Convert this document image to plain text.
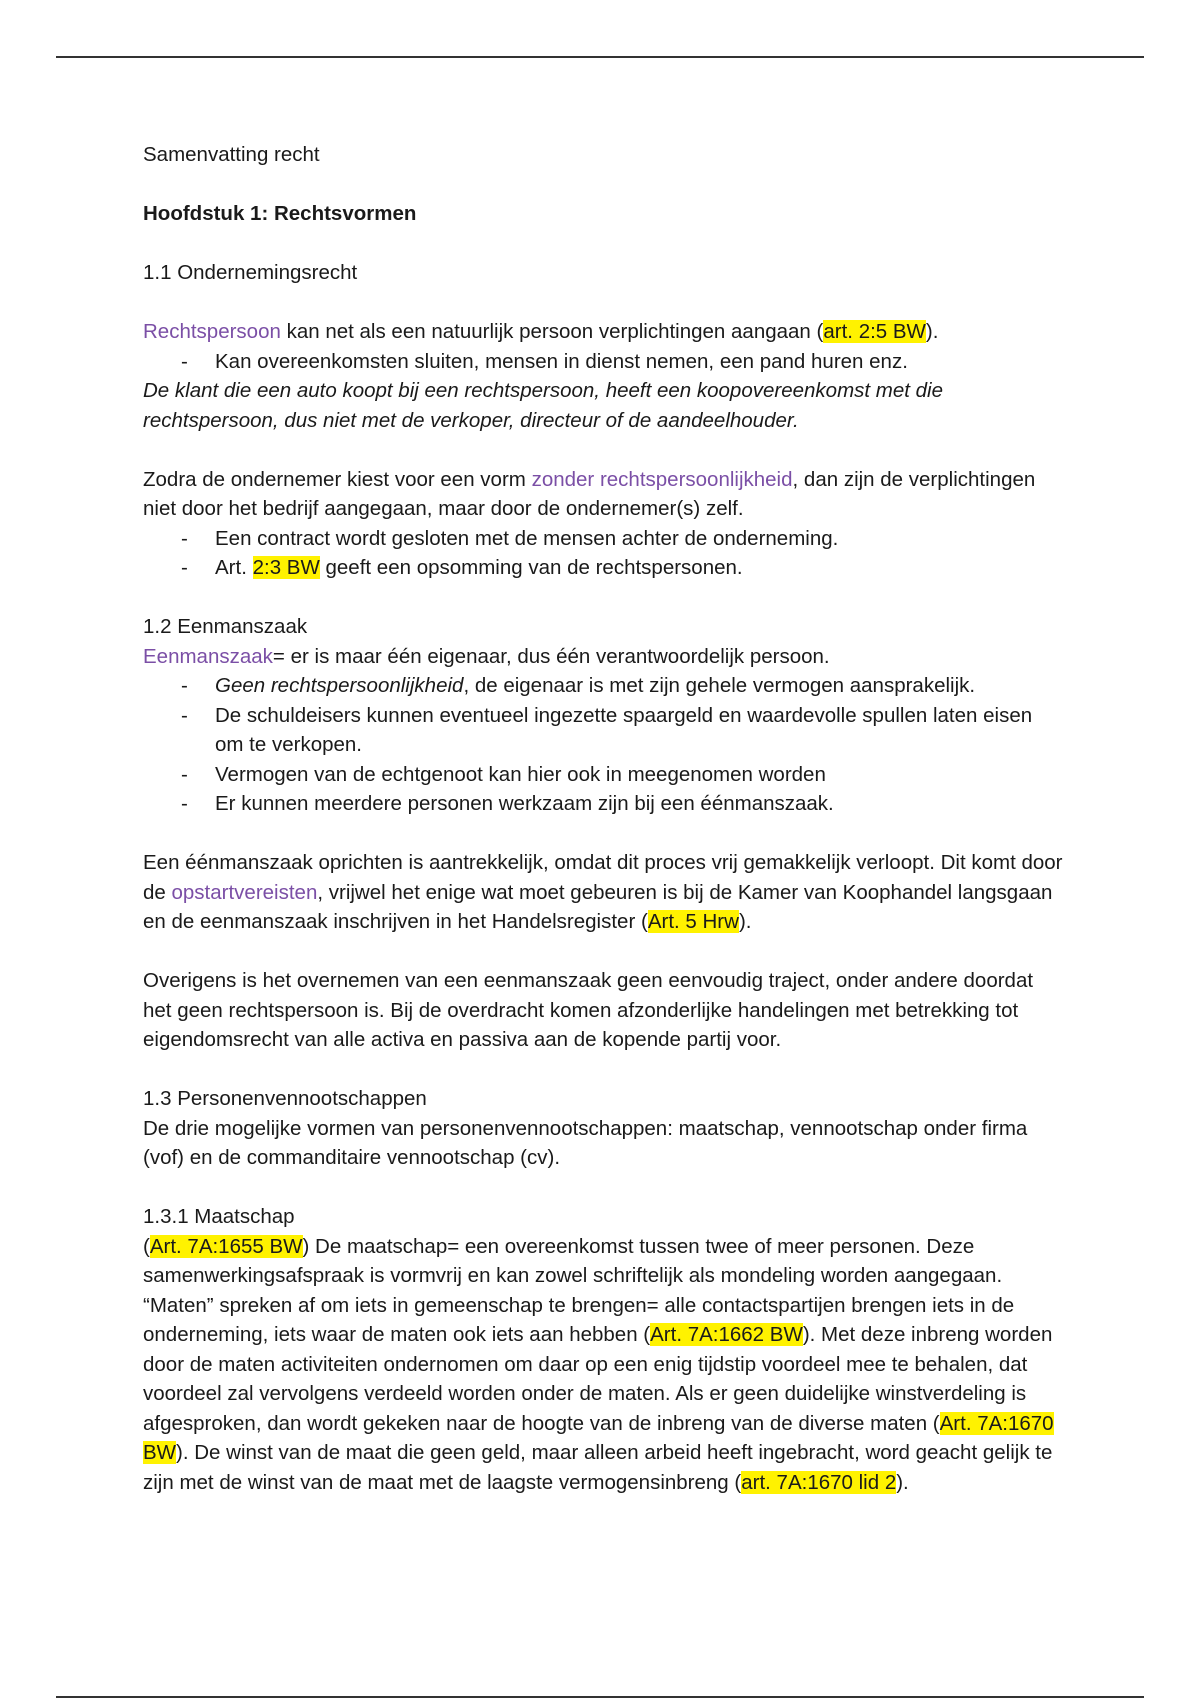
Samenvatting recht

Hoofdstuk 1: Rechtsvormen

1.1 Ondernemingsrecht

Rechtspersoon kan net als een natuurlijk persoon verplichtingen aangaan (art. 2:5 BW).

- Kan overeenkomsten sluiten, mensen in dienst nemen, een pand huren enz.

De klant die een auto koopt bij een rechtspersoon, heeft een koopovereenkomst met die rechtspersoon, dus niet met de verkoper, directeur of de aandeelhouder.

Zodra de ondernemer kiest voor een vorm zonder rechtspersoonlijkheid, dan zijn de verplichtingen niet door het bedrijf aangegaan, maar door de ondernemer(s) zelf.

- Een contract wordt gesloten met de mensen achter de onderneming.
- Art. 2:3 BW geeft een opsomming van de rechtspersonen.

1.2 Eenmanszaak

Eenmanszaak= er is maar één eigenaar, dus één verantwoordelijk persoon.

- Geen rechtspersoonlijkheid, de eigenaar is met zijn gehele vermogen aansprakelijk.
- De schuldeisers kunnen eventueel ingezette spaargeld en waardevolle spullen laten eisen om te verkopen.
- Vermogen van de echtgenoot kan hier ook in meegenomen worden
- Er kunnen meerdere personen werkzaam zijn bij een éénmanszaak.

Een éénmanszaak oprichten is aantrekkelijk, omdat dit proces vrij gemakkelijk verloopt. Dit komt door de opstartvereisten, vrijwel het enige wat moet gebeuren is bij de Kamer van Koophandel langsgaan en de eenmanszaak inschrijven in het Handelsregister (Art. 5 Hrw).

Overigens is het overnemen van een eenmanszaak geen eenvoudig traject, onder andere doordat het geen rechtspersoon is. Bij de overdracht komen afzonderlijke handelingen met betrekking tot eigendomsrecht van alle activa en passiva aan de kopende partij voor.

1.3 Personenvennootschappen

De drie mogelijke vormen van personenvennootschappen: maatschap, vennootschap onder firma (vof) en de commanditaire vennootschap (cv).

1.3.1 Maatschap

(Art. 7A:1655 BW) De maatschap= een overeenkomst tussen twee of meer personen. Deze samenwerkingsafspraak is vormvrij en kan zowel schriftelijk als mondeling worden aangegaan. “Maten” spreken af om iets in gemeenschap te brengen= alle contactspartijen brengen iets in de onderneming, iets waar de maten ook iets aan hebben (Art. 7A:1662 BW). Met deze inbreng worden door de maten activiteiten ondernomen om daar op een enig tijdstip voordeel mee te behalen, dat voordeel zal vervolgens verdeeld worden onder de maten. Als er geen duidelijke winstverdeling is afgesproken, dan wordt gekeken naar de hoogte van de inbreng van de diverse maten (Art. 7A:1670 BW). De winst van de maat die geen geld, maar alleen arbeid heeft ingebracht, word geacht gelijk te zijn met de winst van de maat met de laagste vermogensinbreng (art. 7A:1670 lid 2).
